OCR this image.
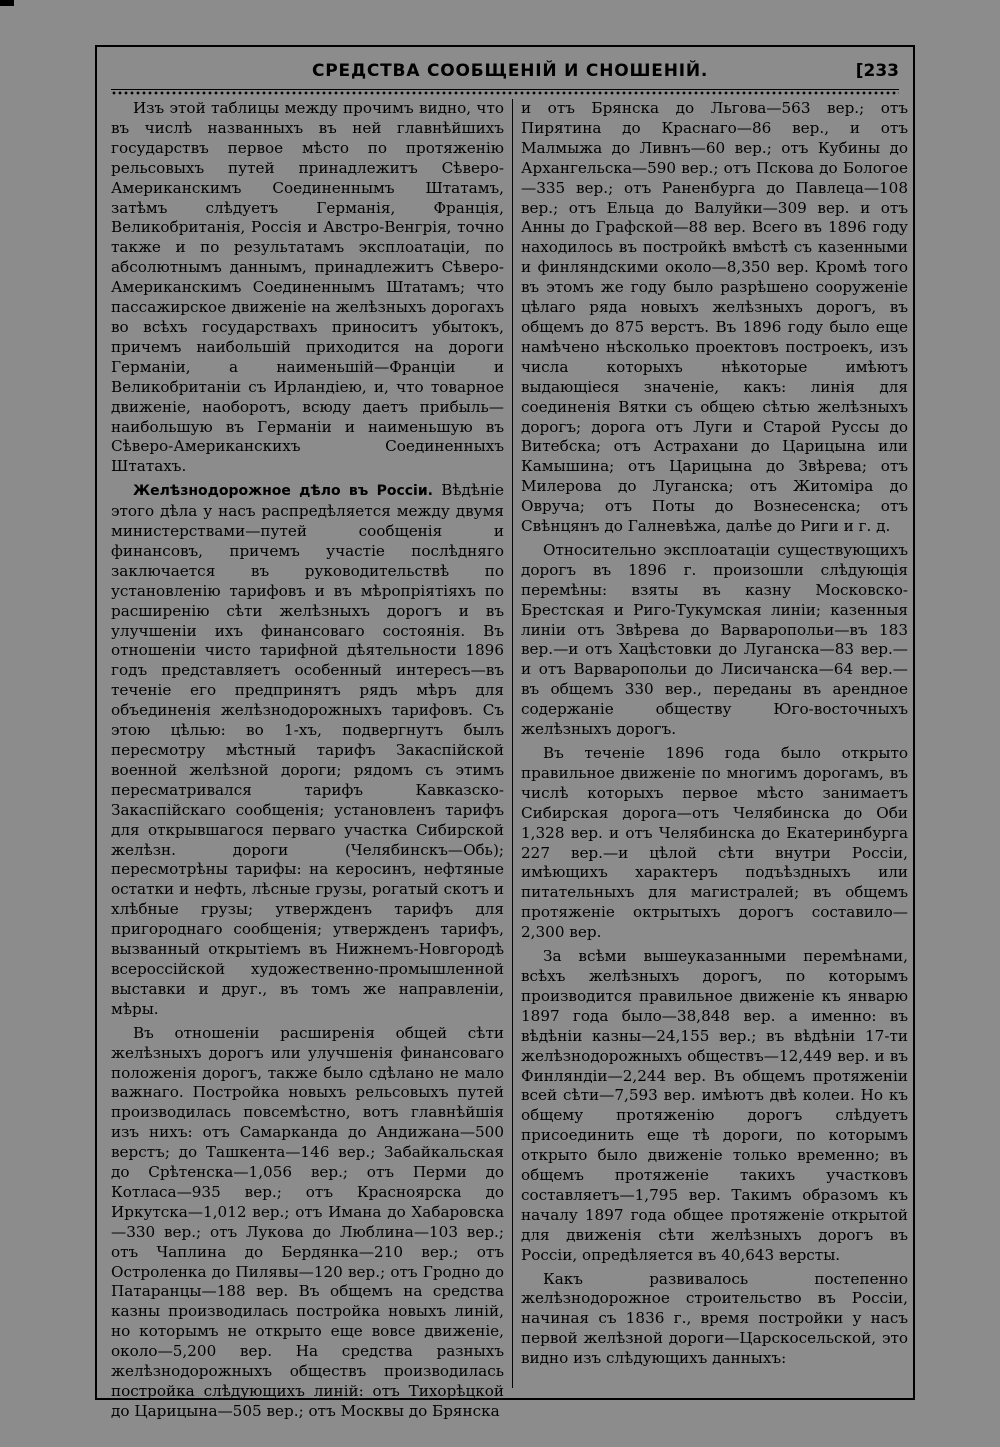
СРЕДСТВА СООБЩЕНІЙ И СНОШЕНІЙ.	[233

Изъ этой таблицы между прочимъ видно, что въ числѣ названныхъ въ ней главнѣйшихъ государствъ первое мѣсто по протяженію рельсовыхъ путей принадлежитъ Сѣверо-Американскимъ Соединеннымъ Штатамъ, затѣмъ слѣдуетъ Германія, Франція, Великобританія, Россія и Австро-Венгрія, точно также и по результатамъ эксплоатаціи, по абсолютнымъ даннымъ, принадлежитъ Сѣверо-Американскимъ Соединеннымъ Штатамъ; что пассажирское движеніе на желѣзныхъ дорогахъ во всѣхъ государствахъ приноситъ убытокъ, причемъ наибольшій приходится на дороги Германіи, а наименьшій—Франціи и Великобританіи съ Ирландіею, и, что товарное движеніе, наоборотъ, всюду даетъ прибыль—наибольшую въ Германіи и наименьшую въ Сѣверо-Американскихъ Соединенныхъ Штатахъ.

Желѣзнодорожное дѣло въ Россіи. Вѣдѣніе этого дѣла у насъ распредѣляется между двумя министерствами—путей сообщенія и финансовъ, причемъ участіе послѣдняго заключается въ руководительствѣ по установленію тарифовъ и въ мѣропріятіяхъ по расширенію сѣти желѣзныхъ дорогъ и въ улучшеніи ихъ финансоваго состоянія. Въ отношеніи чисто тарифной дѣятельности 1896 годъ представляетъ особенный интересъ—въ теченіе его предпринятъ рядъ мѣръ для объединенія желѣзнодорожныхъ тарифовъ. Съ этою цѣлью: во 1-хъ, подвергнутъ былъ пересмотру мѣстный тарифъ Закаспійской военной желѣзной дороги; рядомъ съ этимъ пересматривался тарифъ Кавказско-Закаспійскаго сообщенія; установленъ тарифъ для открывшагося перваго участка Сибирской желѣзн. дороги (Челябинскъ—Обь); пересмотрѣны тарифы: на керосинъ, нефтяные остатки и нефть, лѣсные грузы, рогатый скотъ и хлѣбные грузы; утвержденъ тарифъ для пригороднаго сообщенія; утвержденъ тарифъ, вызванный открытіемъ въ Нижнемъ-Новгородѣ всероссійской художественно-промышленной выставки и друг., въ томъ же направленіи, мѣры.

Въ отношеніи расширенія общей сѣти желѣзныхъ дорогъ или улучшенія финансоваго положенія дорогъ, также было сдѣлано не мало важнаго. Постройка новыхъ рельсовыхъ путей производилась повсемѣстно, вотъ главнѣйшія изъ нихъ: отъ Самарканда до Андижана—500 верстъ; до Ташкента—146 вер.; Забайкальская до Срѣтенска—1,056 вер.; отъ Перми до Котласа—935 вер.; отъ Красноярска до Иркутска—1,012 вер.; отъ Имана до Хабаровска—330 вер.; отъ Лукова до Люблина—103 вер.; отъ Чаплина до Бердянка—210 вер.; отъ Остроленка до Пилявы—120 вер.; отъ Гродно до Патаранцы—188 вер. Въ общемъ на средства казны производилась постройка новыхъ линій, но которымъ не открыто еще вовсе движеніе, около—5,200 вер. На средства разныхъ желѣзнодорожныхъ обществъ производилась постройка слѣдующихъ линій: отъ Тихорѣцкой до Царицына—505 вер.; отъ Москвы до Брянска

и отъ Брянска до Льгова—563 вер.; отъ Пирятина до Краснаго—86 вер., и отъ Малмыжа до Ливнъ—60 вер.; отъ Кубины до Архангельска—590 вер.; отъ Пскова до Бологое—335 вер.; отъ Раненбурга до Павлеца—108 вер.; отъ Ельца до Валуйки—309 вер. и отъ Анны до Графской—88 вер. Всего въ 1896 году находилось въ постройкѣ вмѣстѣ съ казенными и финляндскими около—8,350 вер. Кромѣ того въ этомъ же году было разрѣшено сооруженіе цѣлаго ряда новыхъ желѣзныхъ дорогъ, въ общемъ до 875 верстъ. Въ 1896 году было еще намѣчено нѣсколько проектовъ построекъ, изъ числа которыхъ нѣкоторые имѣютъ выдающіеся значеніе, какъ: линія для соединенія Вятки съ общею сѣтью желѣзныхъ дорогъ; дорога отъ Луги и Старой Руссы до Витебска; отъ Астрахани до Царицына или Камышина; отъ Царицына до Звѣрева; отъ Милерова до Луганска; отъ Житоміра до Овруча; отъ Поты до Вознесенска; отъ Свѣнцянъ до Галневѣжа, далѣе до Риги и г. д.

Относительно эксплоатаціи существующихъ дорогъ въ 1896 г. произошли слѣдующія перемѣны: взяты въ казну Московско-Брестская и Риго-Тукумская линіи; казенныя линіи отъ Звѣрева до Варваропольи—въ 183 вер.—и отъ Хацѣстовки до Луганска—83 вер.—и отъ Варваропольи до Лисичанска—64 вер.—въ общемъ 330 вер., переданы въ арендное содержаніе обществу Юго-восточныхъ желѣзныхъ дорогъ.

Въ теченіе 1896 года было открыто правильное движеніе по многимъ дорогамъ, въ числѣ которыхъ первое мѣсто занимаетъ Сибирская дорога—отъ Челябинска до Оби 1,328 вер. и отъ Челябинска до Екатеринбурга 227 вер.—и цѣлой сѣти внутри Россіи, имѣющихъ характеръ подъѣздныхъ или питательныхъ для магистралей; въ общемъ протяженіе октрытыхъ дорогъ составило—2,300 вер.

За всѣми вышеуказанными перемѣнами, всѣхъ желѣзныхъ дорогъ, по которымъ производится правильное движеніе къ январю 1897 года было—38,848 вер. а именно: въ вѣдѣніи казны—24,155 вер.; въ вѣдѣніи 17-ти желѣзнодорожныхъ обществъ—12,449 вер. и въ Финляндіи—2,244 вер. Въ общемъ протяженіи всей сѣти—7,593 вер. имѣютъ двѣ колеи. Но къ общему протяженію дорогъ слѣдуетъ присоединить еще тѣ дороги, по которымъ открыто было движеніе только временно; въ общемъ протяженіе такихъ участковъ составляетъ—1,795 вер. Такимъ образомъ къ началу 1897 года общее протяженіе открытой для движенія сѣти желѣзныхъ дорогъ въ Россіи, опредѣляется въ 40,643 версты.

Какъ развивалось постепенно желѣзнодорожное строительство въ Россіи, начиная съ 1836 г., время постройки у насъ первой желѣзной дороги—Царскосельской, это видно изъ слѣдующихъ данныхъ:
